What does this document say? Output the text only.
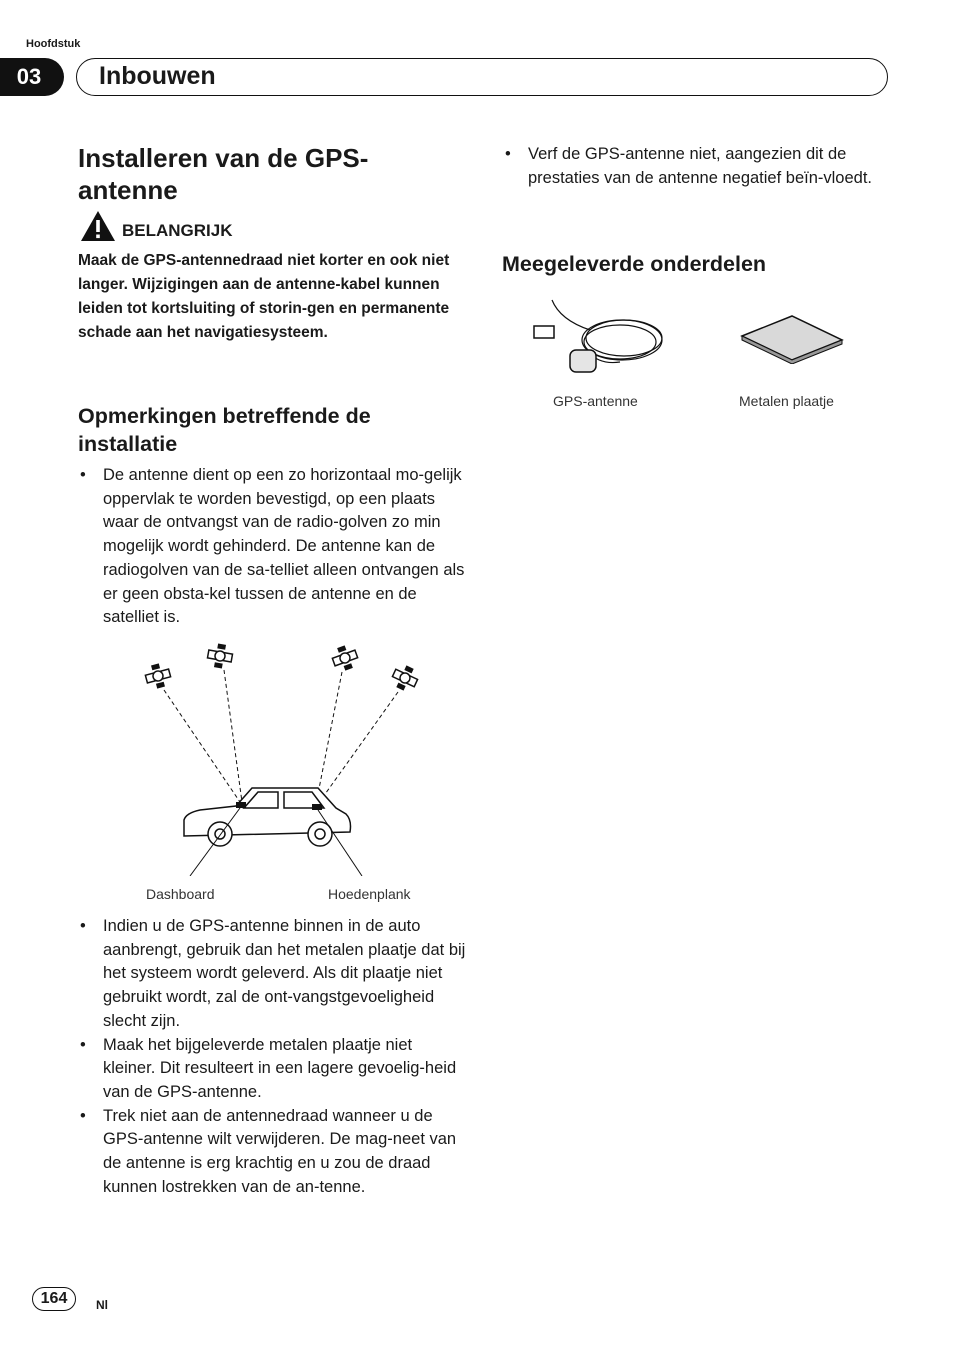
Hoofdstuk
03	Inbouwen
Installeren van de GPS-antenne
BELANGRIJK
Maak de GPS-antennedraad niet korter en ook niet langer. Wijzigingen aan de antenne-kabel kunnen leiden tot kortsluiting of storin-gen en permanente schade aan het navigatiesysteem.
Opmerkingen betreffende de installatie
• De antenne dient op een zo horizontaal mo-gelijk oppervlak te worden bevestigd, op een plaats waar de ontvangst van de radio-golven zo min mogelijk wordt gehinderd. De antenne kan de radiogolven van de sa-telliet alleen ontvangen als er geen obsta-kel tussen de antenne en de satelliet is.
Dashboard	Hoedenplank
• Indien u de GPS-antenne binnen in de auto aanbrengt, gebruik dan het metalen plaatje dat bij het systeem wordt geleverd. Als dit plaatje niet gebruikt wordt, zal de ont-vangstgevoeligheid slecht zijn.
• Maak het bijgeleverde metalen plaatje niet kleiner. Dit resulteert in een lagere gevoelig-heid van de GPS-antenne.
• Trek niet aan de antennedraad wanneer u de GPS-antenne wilt verwijderen. De mag-neet van de antenne is erg krachtig en u zou de draad kunnen lostrekken van de an-tenne.
• Verf de GPS-antenne niet, aangezien dit de prestaties van de antenne negatief beïn-vloedt.
Meegeleverde onderdelen
GPS-antenne	Metalen plaatje
164	Nl
